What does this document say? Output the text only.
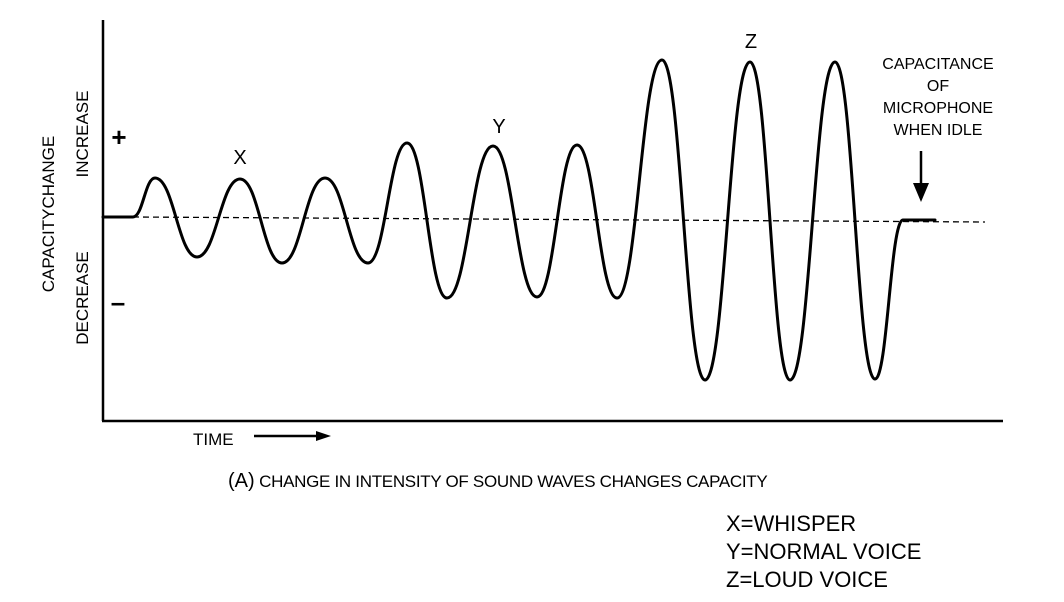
CAPACITYCHANGE
INCREASE
DECREASE
+
–
X
Y
Z
CAPACITANCE
OF
MICROPHONE
WHEN IDLE
TIME
(A) CHANGE IN INTENSITY OF SOUND WAVES CHANGES CAPACITY
X=WHISPER
Y=NORMAL VOICE
Z=LOUD VOICE
